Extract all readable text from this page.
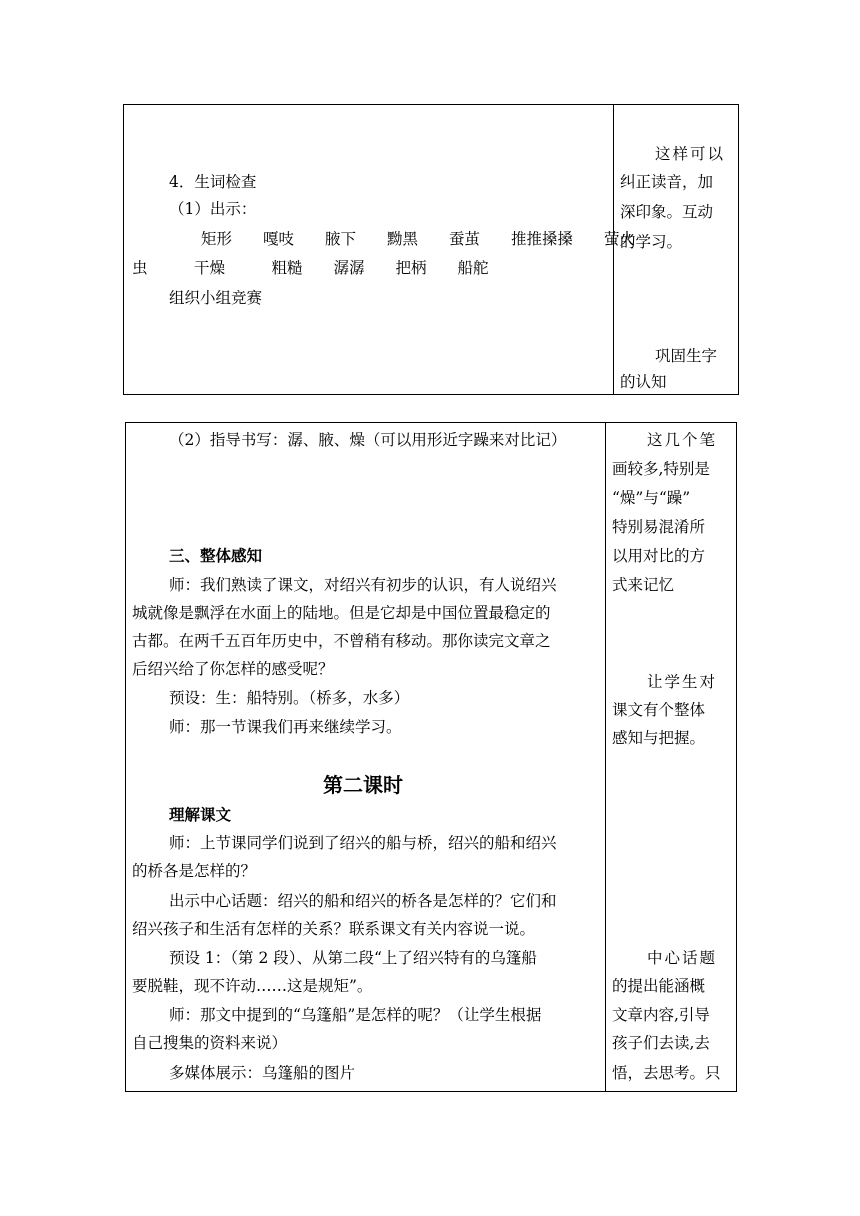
4．生词检查
（1）出示：
矩形　　嘎吱　　腋下　　黝黑　　蚕茧　　推推搡搡　　萤火
虫　　　干燥　　　粗糙　　潺潺　　把柄　　船舵
组织小组竞赛
这样可以
纠正读音，加
深印象。互动
的学习。
巩固生字
的认知
（2）指导书写：潺、腋、燥（可以用形近字躁来对比记）
三、整体感知
师：我们熟读了课文，对绍兴有初步的认识，有人说绍兴
城就像是飘浮在水面上的陆地。但是它却是中国位置最稳定的
古都。在两千五百年历史中，不曾稍有移动。那你读完文章之
后绍兴给了你怎样的感受呢？
预设：生：船特别。（桥多，水多）
师：那一节课我们再来继续学习。
第二课时
理解课文
师：上节课同学们说到了绍兴的船与桥，绍兴的船和绍兴
的桥各是怎样的？
出示中心话题：绍兴的船和绍兴的桥各是怎样的？它们和
绍兴孩子和生活有怎样的关系？联系课文有关内容说一说。
预设 1：（第 2 段）、从第二段“上了绍兴特有的乌篷船
要脱鞋，现不许动……这是规矩”。
师：那文中提到的“乌篷船”是怎样的呢？（让学生根据
自己搜集的资料来说）
多媒体展示：乌篷船的图片
这几个笔
画较多,特别是
“燥”与“躁”
特别易混淆所
以用对比的方
式来记忆
让学生对
课文有个整体
感知与把握。
中心话题
的提出能涵概
文章内容,引导
孩子们去读,去
悟，去思考。只
